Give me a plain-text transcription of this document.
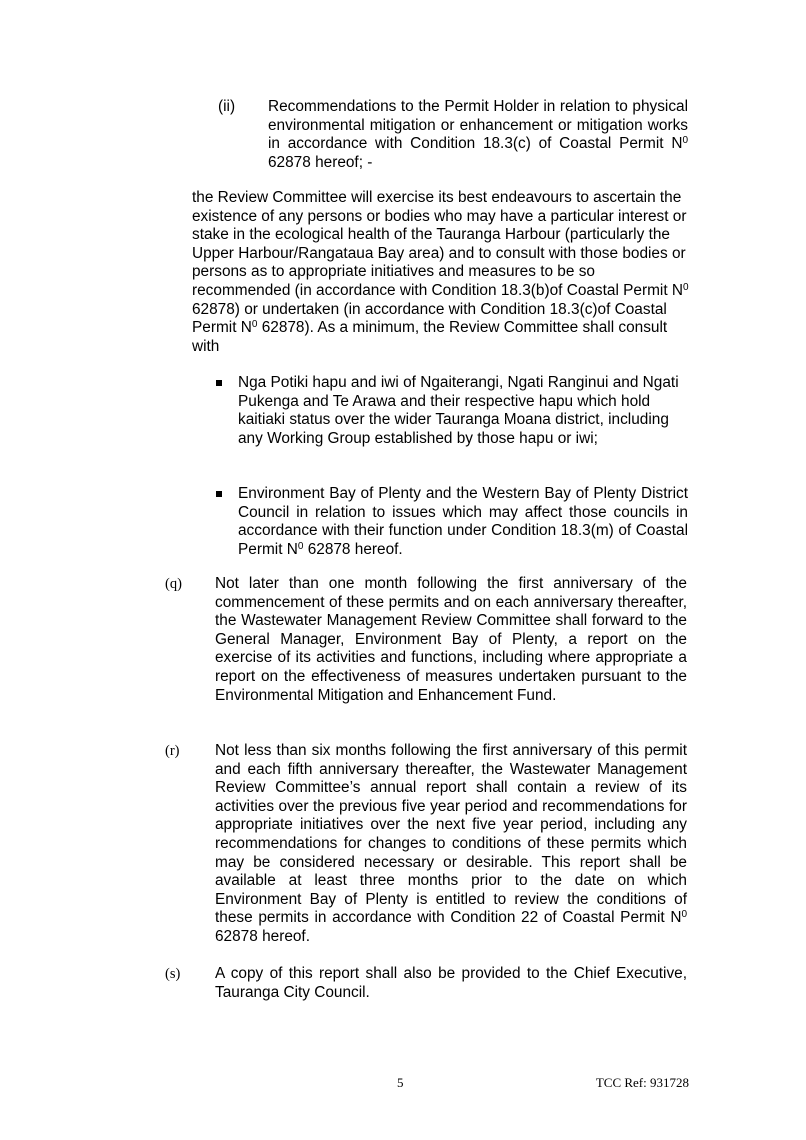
(ii) Recommendations to the Permit Holder in relation to physical environmental mitigation or enhancement or mitigation works in accordance with Condition 18.3(c) of Coastal Permit $N^0$ 62878 hereof; -
the Review Committee will exercise its best endeavours to ascertain the existence of any persons or bodies who may have a particular interest or stake in the ecological health of the Tauranga Harbour (particularly the Upper Harbour/Rangataua Bay area) and to consult with those bodies or persons as to appropriate initiatives and measures to be so recommended (in accordance with Condition 18.3(b)of Coastal Permit $N^0$ 62878) or undertaken (in accordance with Condition 18.3(c)of Coastal Permit $N^0$ 62878). As a minimum, the Review Committee shall consult with
Nga Potiki hapu and iwi of Ngaiterangi, Ngati Ranginui and Ngati Pukenga and Te Arawa and their respective hapu which hold kaitiaki status over the wider Tauranga Moana district, including any Working Group established by those hapu or iwi;
Environment Bay of Plenty and the Western Bay of Plenty District Council in relation to issues which may affect those councils in accordance with their function under Condition 18.3(m) of Coastal Permit $N^0$ 62878 hereof.
(q) Not later than one month following the first anniversary of the commencement of these permits and on each anniversary thereafter, the Wastewater Management Review Committee shall forward to the General Manager, Environment Bay of Plenty, a report on the exercise of its activities and functions, including where appropriate a report on the effectiveness of measures undertaken pursuant to the Environmental Mitigation and Enhancement Fund.
(r) Not less than six months following the first anniversary of this permit and each fifth anniversary thereafter, the Wastewater Management Review Committee’s annual report shall contain a review of its activities over the previous five year period and recommendations for appropriate initiatives over the next five year period, including any recommendations for changes to conditions of these permits which may be considered necessary or desirable. This report shall be available at least three months prior to the date on which Environment Bay of Plenty is entitled to review the conditions of these permits in accordance with Condition 22 of Coastal Permit $N^0$ 62878 hereof.
(s) A copy of this report shall also be provided to the Chief Executive, Tauranga City Council.
5	TCC Ref: 931728
